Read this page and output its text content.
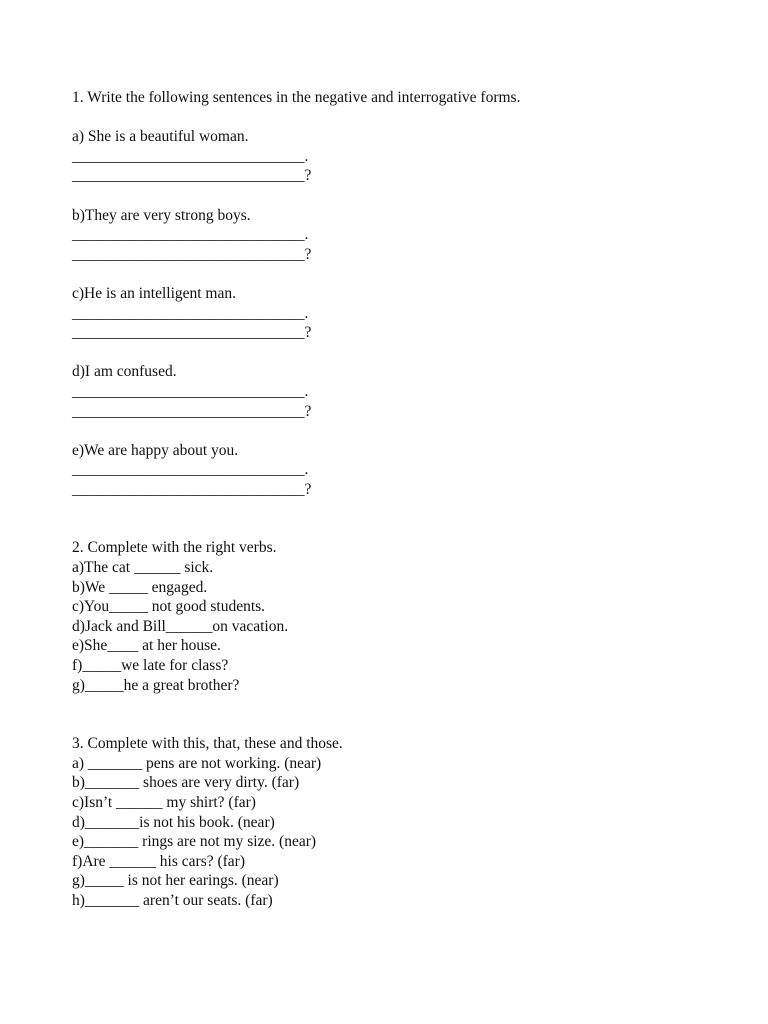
1. Write the following sentences in the negative and interrogative forms.
a) She is a beautiful woman.
______________________________.
______________________________?
b)They are very strong boys.
______________________________.
______________________________?
c)He is an intelligent man.
______________________________.
______________________________?
d)I am confused.
______________________________.
______________________________?
e)We are happy about you.
______________________________.
______________________________?
2. Complete with the right verbs.
a)The cat ______ sick.
b)We _____ engaged.
c)You_____ not good students.
d)Jack and Bill______on vacation.
e)She____ at her house.
f)_____we late for class?
g)_____he a great brother?
3. Complete with this, that, these and those.
a) _______ pens are not working. (near)
b)_______ shoes are very dirty. (far)
c)Isn’t ______ my shirt? (far)
d)_______is not his book. (near)
e)_______ rings are not my size. (near)
f)Are ______ his cars? (far)
g)_____ is not her earings. (near)
h)_______ aren’t our seats. (far)
